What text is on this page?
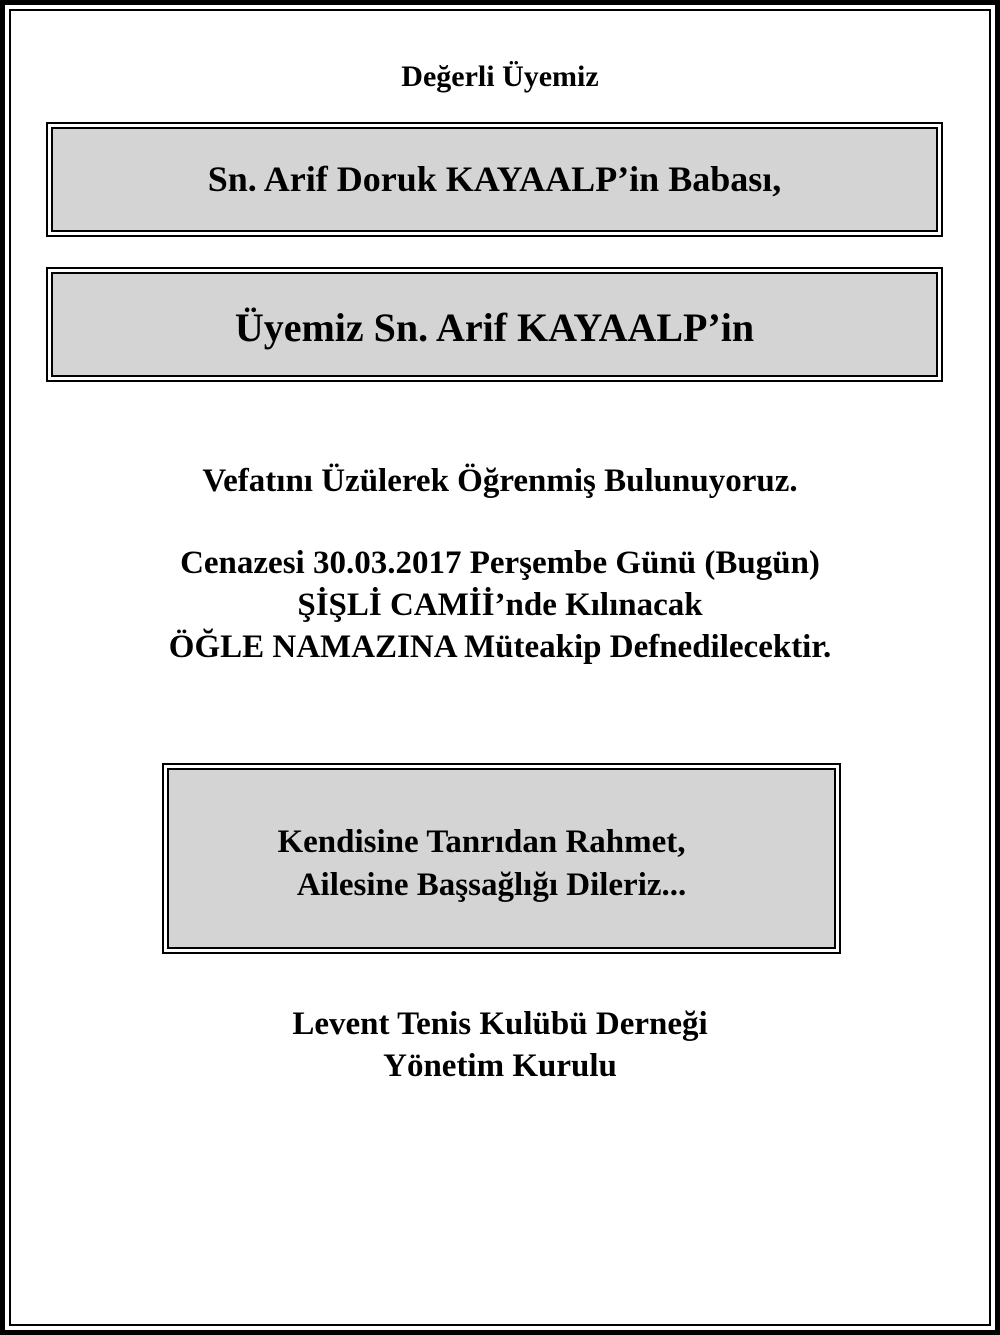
Değerli Üyemiz
Sn. Arif Doruk KAYAALP’in Babası,
Üyemiz Sn. Arif KAYAALP’in
Vefatını Üzülerek Öğrenmiş Bulunuyoruz.
Cenazesi 30.03.2017 Perşembe Günü (Bugün)
ŞİŞLİ CAMİİ’nde Kılınacak
ÖĞLE NAMAZINA Müteakip Defnedilecektir.
Kendisine Tanrıdan Rahmet,
Ailesine Başsağlığı Dileriz...
Levent Tenis Kulübü Derneği
Yönetim Kurulu
